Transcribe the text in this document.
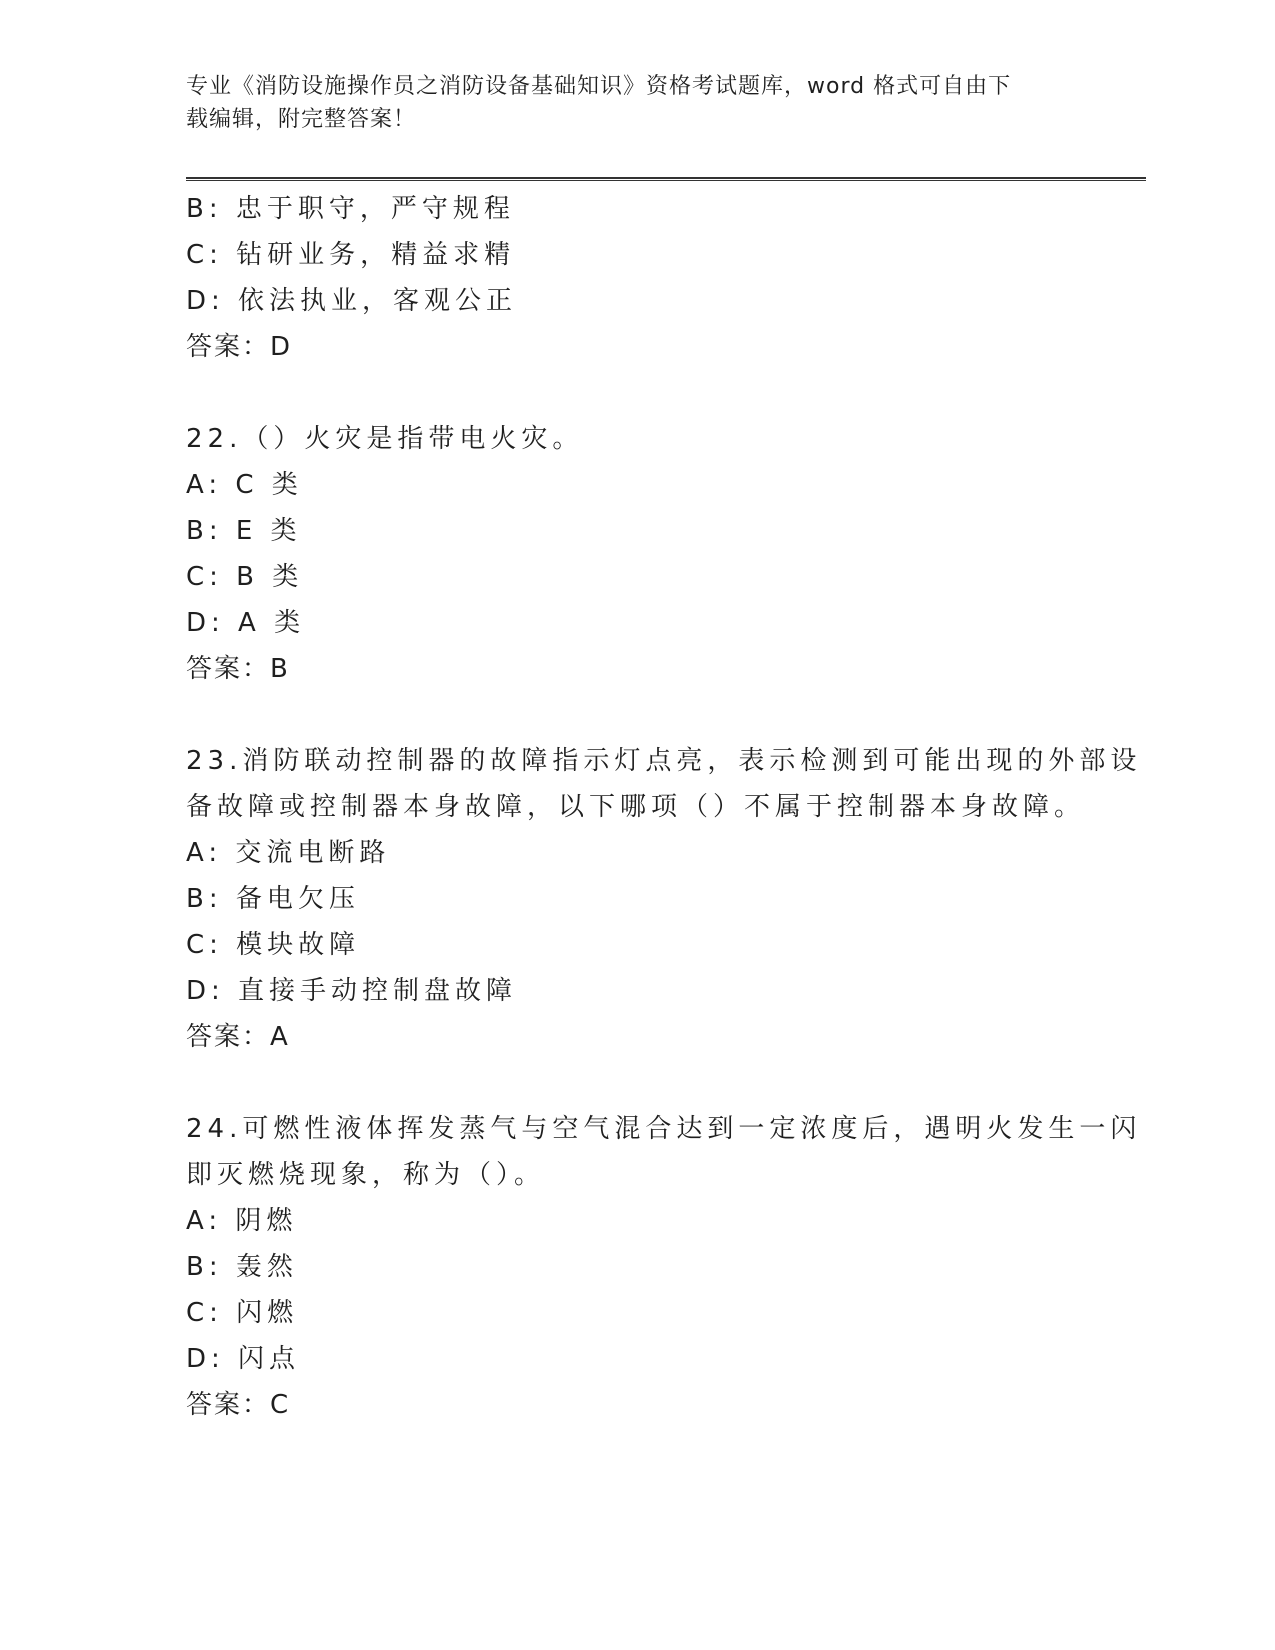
专业《消防设施操作员之消防设备基础知识》资格考试题库，word 格式可自由下
载编辑，附完整答案！
B: 忠于职守，严守规程
C: 钻研业务，精益求精
D: 依法执业，客观公正
答案：D
22.（）火灾是指带电火灾。
A: C 类
B: E 类
C: B 类
D: A 类
答案：B
23.消防联动控制器的故障指示灯点亮，表示检测到可能出现的外部设
备故障或控制器本身故障，以下哪项（）不属于控制器本身故障。
A: 交流电断路
B: 备电欠压
C: 模块故障
D: 直接手动控制盘故障
答案：A
24.可燃性液体挥发蒸气与空气混合达到一定浓度后，遇明火发生一闪
即灭燃烧现象，称为（）。
A: 阴燃
B: 轰然
C: 闪燃
D: 闪点
答案：C
